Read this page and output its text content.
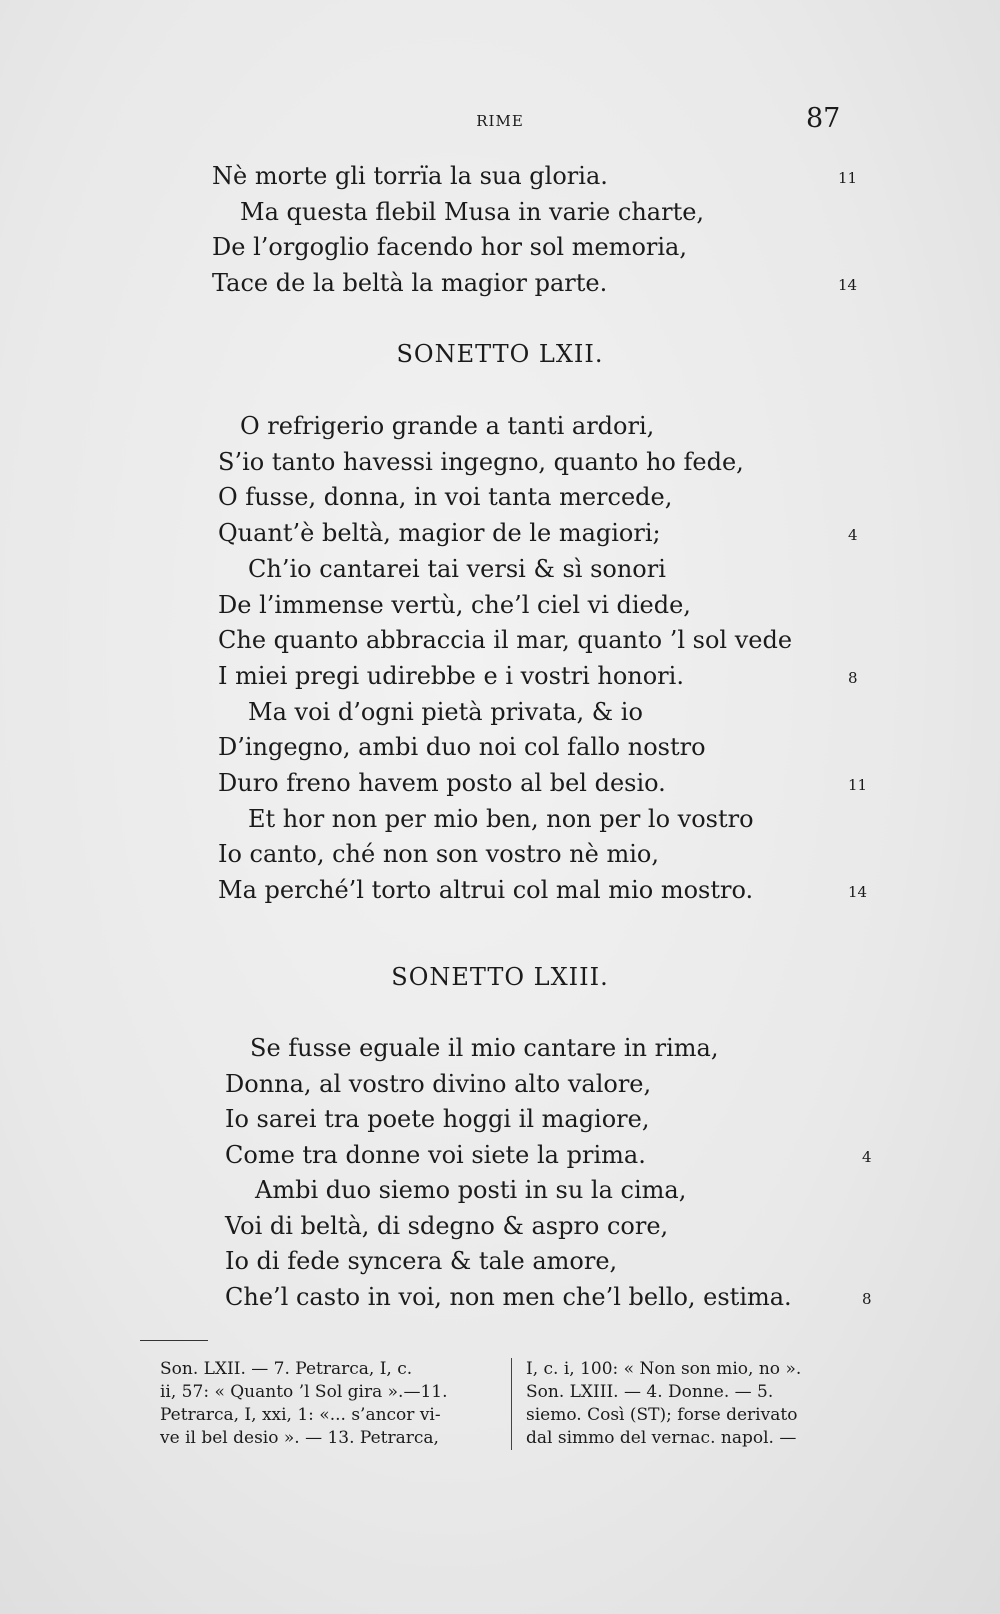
RIME	87
Nè morte gli torrïa la sua gloria.	11
Ma questa flebil Musa in varie charte,
De l’orgoglio facendo hor sol memoria,
Tace de la beltà la magior parte.	14
O refrigerio grande a tanti ardori,
S’io tanto havessi ingegno, quanto ho fede,
O fusse, donna, in voi tanta mercede,
Quant’è beltà, magior de le magiori;	4
Ch’io cantarei tai versi & sì sonori
De l’immense vertù, che’l ciel vi diede,
Che quanto abbraccia il mar, quanto ’l sol vede
I miei pregi udirebbe e i vostri honori.	8
Ma voi d’ogni pietà privata, & io
D’ingegno, ambi duo noi col fallo nostro
Duro freno havem posto al bel desio.	11
Et hor non per mio ben, non per lo vostro
Io canto, ché non son vostro nè mio,
Ma perché’l torto altrui col mal mio mostro.	14
Se fusse eguale il mio cantare in rima,
Donna, al vostro divino alto valore,
Io sarei tra poete hoggi il magiore,
Come tra donne voi siete la prima.	4
Ambi duo siemo posti in su la cima,
Voi di beltà, di sdegno & aspro core,
Io di fede syncera & tale amore,
Che’l casto in voi, non men che’l bello, estima.	8
SONETTO LXII.
SONETTO LXIII.
Son. LXII. — 7. Petrarca, I, c.
ii, 57: « Quanto ’l Sol gira ».—11.
Petrarca, I, xxi, 1: «... s’ancor vi-
ve il bel desio ». — 13. Petrarca,
I, c. i, 100: « Non son mio, no ».
Son. LXIII. — 4. Donne. — 5.
siemo. Così (ST); forse derivato
dal simmo del vernac. napol. —
